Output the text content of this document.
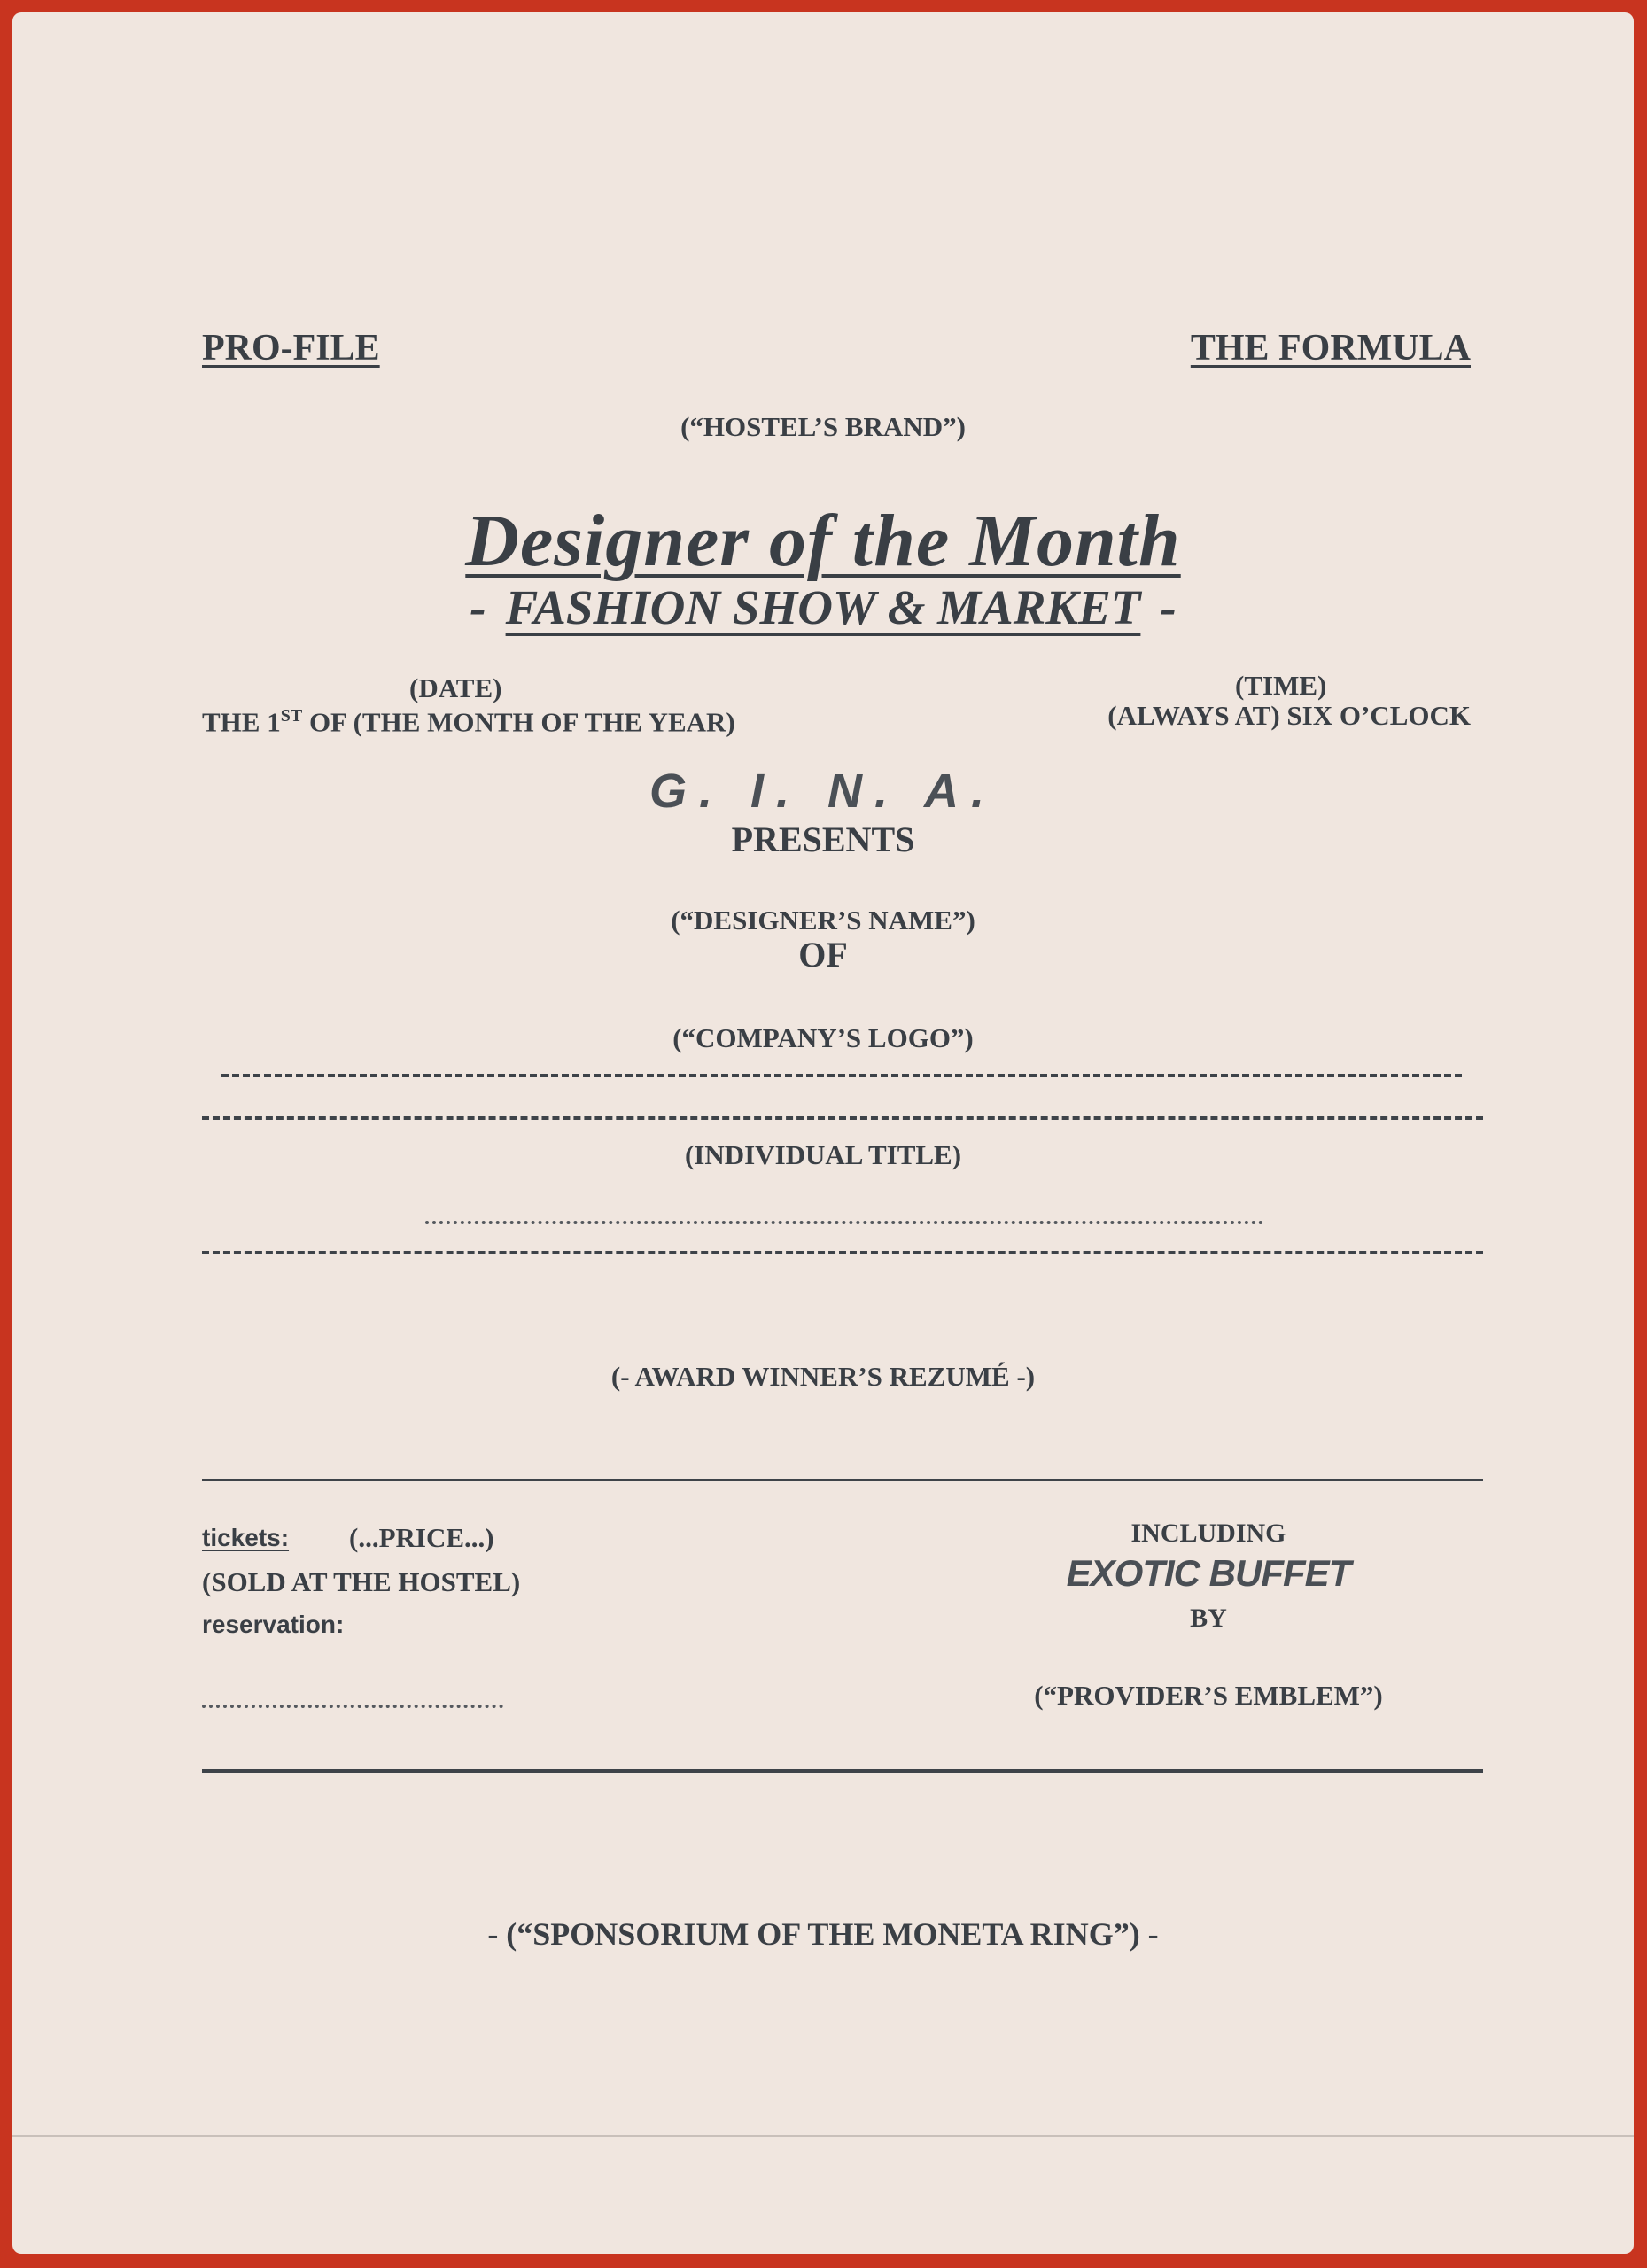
PRO-FILE	THE FORMULA
(“HOSTEL’S BRAND”)
Designer of the Month
- FASHION SHOW & MARKET -
(DATE)
THE 1ST OF (THE MONTH OF THE YEAR)
(TIME)
(ALWAYS AT) SIX O’CLOCK
G. I. N. A.
PRESENTS
(“DESIGNER’S NAME”)
OF
(“COMPANY’S LOGO”)
(INDIVIDUAL TITLE)
(- AWARD WINNER’S REZUMÉ -)
tickets: (...PRICE...)
(SOLD AT THE HOSTEL)
reservation:
INCLUDING
EXOTIC BUFFET
BY
(“PROVIDER’S EMBLEM”)
- (“SPONSORIUM OF THE MONETA RING”) -
